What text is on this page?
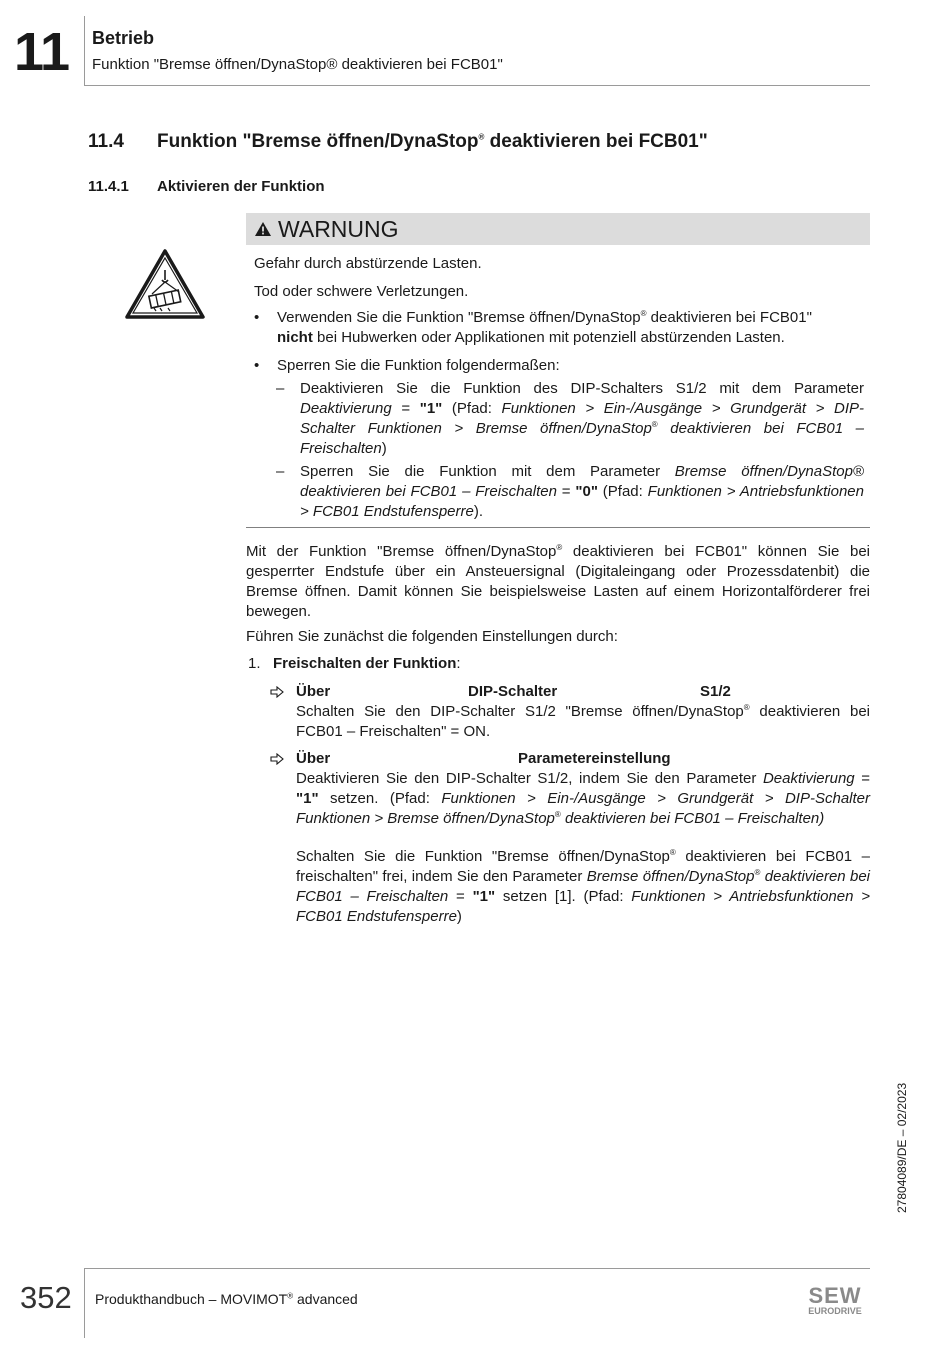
11 Betrieb
Funktion "Bremse öffnen/DynaStop® deaktivieren bei FCB01"
11.4 Funktion "Bremse öffnen/DynaStop® deaktivieren bei FCB01"
11.4.1 Aktivieren der Funktion
WARNUNG
Gefahr durch abstürzende Lasten.
Tod oder schwere Verletzungen.
• Verwenden Sie die Funktion "Bremse öffnen/DynaStop® deaktivieren bei FCB01"
nicht bei Hubwerken oder Applikationen mit potenziell abstürzenden Lasten.
• Sperren Sie die Funktion folgendermaßen:
– Deaktivieren Sie die Funktion des DIP-Schalters S1/2 mit dem Parameter Deaktivierung = "1" (Pfad: Funktionen > Ein-/Ausgänge > Grundgerät > DIP-Schalter Funktionen > Bremse öffnen/DynaStop® deaktivieren bei FCB01 – Freischalten)
– Sperren Sie die Funktion mit dem Parameter Bremse öffnen/DynaStop® deaktivieren bei FCB01 – Freischalten = "0" (Pfad: Funktionen > Antriebsfunktionen > FCB01 Endstufensperre).
Mit der Funktion "Bremse öffnen/DynaStop® deaktivieren bei FCB01" können Sie bei gesperrter Endstufe über ein Ansteuersignal (Digitaleingang oder Prozessdatenbit) die Bremse öffnen. Damit können Sie beispielsweise Lasten auf einem Horizontalförderer frei bewegen.
Führen Sie zunächst die folgenden Einstellungen durch:
1. Freischalten der Funktion:
Über	DIP-Schalter	S1/2
Schalten Sie den DIP-Schalter S1/2 "Bremse öffnen/DynaStop® deaktivieren bei FCB01 – Freischalten" = ON.
Über	Parametereinstellung
Deaktivieren Sie den DIP-Schalter S1/2, indem Sie den Parameter Deaktivierung = "1" setzen. (Pfad: Funktionen > Ein-/Ausgänge > Grundgerät > DIP-Schalter Funktionen > Bremse öffnen/DynaStop® deaktivieren bei FCB01 – Freischalten)
Schalten Sie die Funktion "Bremse öffnen/DynaStop® deaktivieren bei FCB01 – freischalten" frei, indem Sie den Parameter Bremse öffnen/DynaStop® deaktivieren bei FCB01 – Freischalten = "1" setzen [1]. (Pfad: Funktionen > Antriebsfunktionen > FCB01 Endstufensperre)
27804089/DE – 02/2023
352 Produkthandbuch – MOVIMOT® advanced	SEW
EURODRIVE
